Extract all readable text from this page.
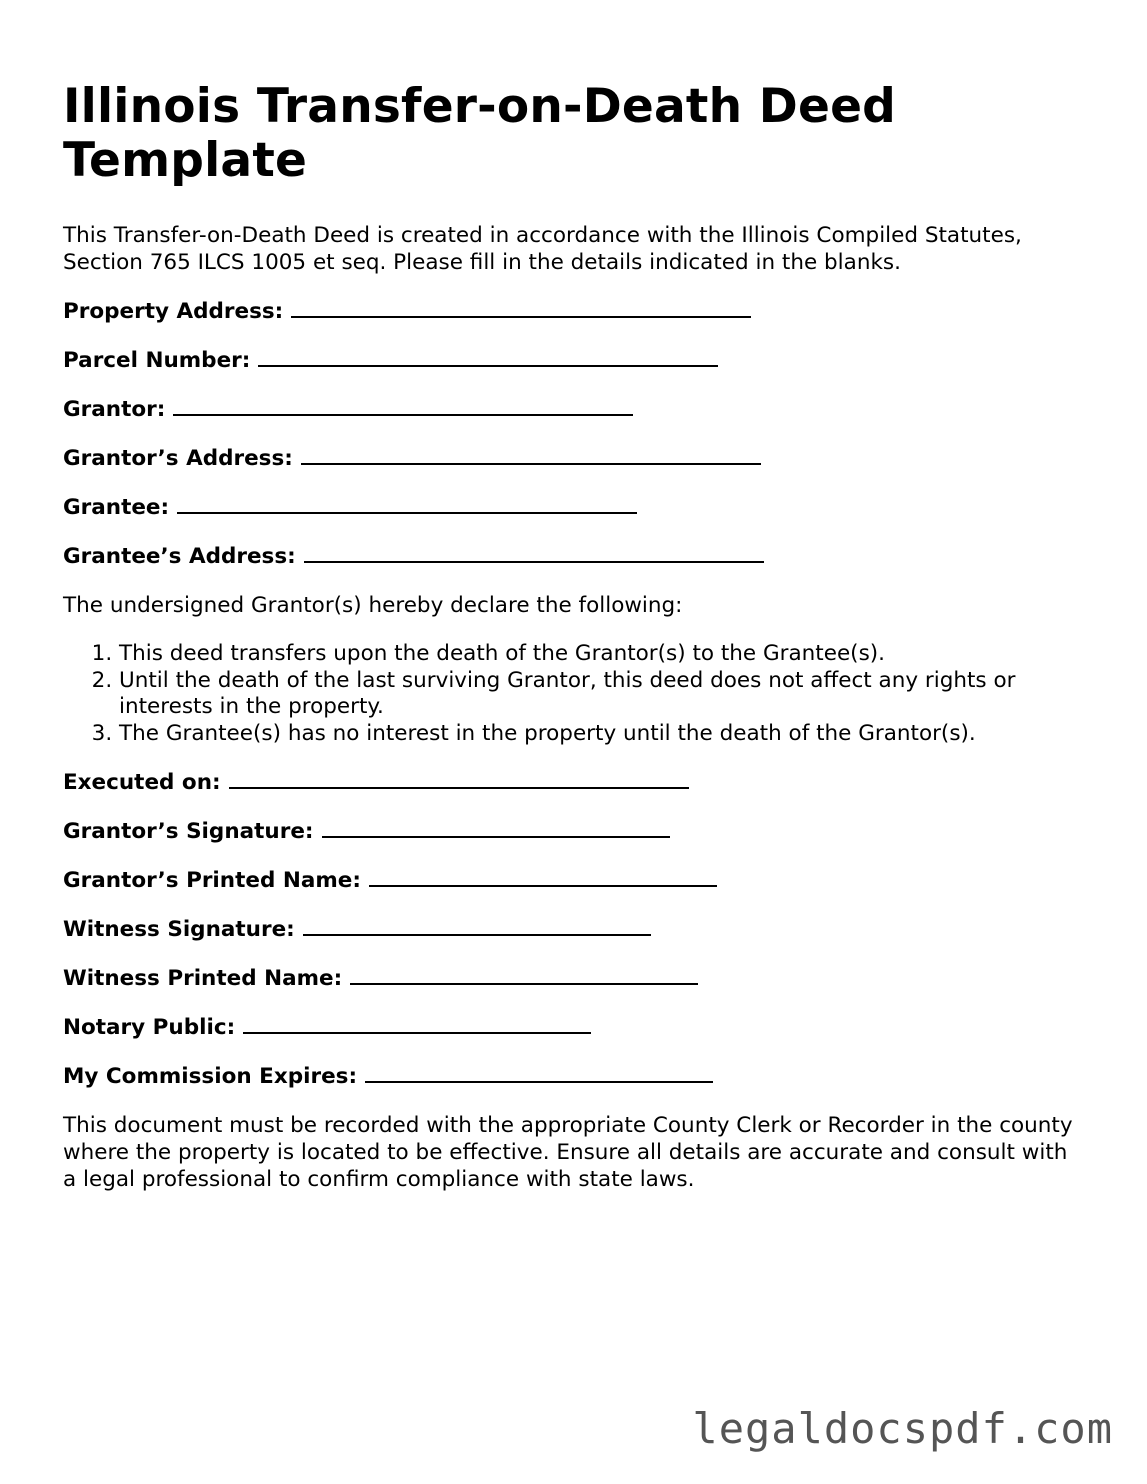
Illinois Transfer-on-Death Deed Template

This Transfer-on-Death Deed is created in accordance with the Illinois Compiled Statutes, Section 765 ILCS 1005 et seq. Please fill in the details indicated in the blanks.

Property Address:
Parcel Number:
Grantor:
Grantor’s Address:
Grantee:
Grantee’s Address:

The undersigned Grantor(s) hereby declare the following:

1. This deed transfers upon the death of the Grantor(s) to the Grantee(s).
2. Until the death of the last surviving Grantor, this deed does not affect any rights or interests in the property.
3. The Grantee(s) has no interest in the property until the death of the Grantor(s).
Executed on:
Grantor’s Signature:
Grantor’s Printed Name:
Witness Signature:
Witness Printed Name:
Notary Public:
My Commission Expires:

This document must be recorded with the appropriate County Clerk or Recorder in the county where the property is located to be effective. Ensure all details are accurate and consult with a legal professional to confirm compliance with state laws.

legaldocspdf.com
